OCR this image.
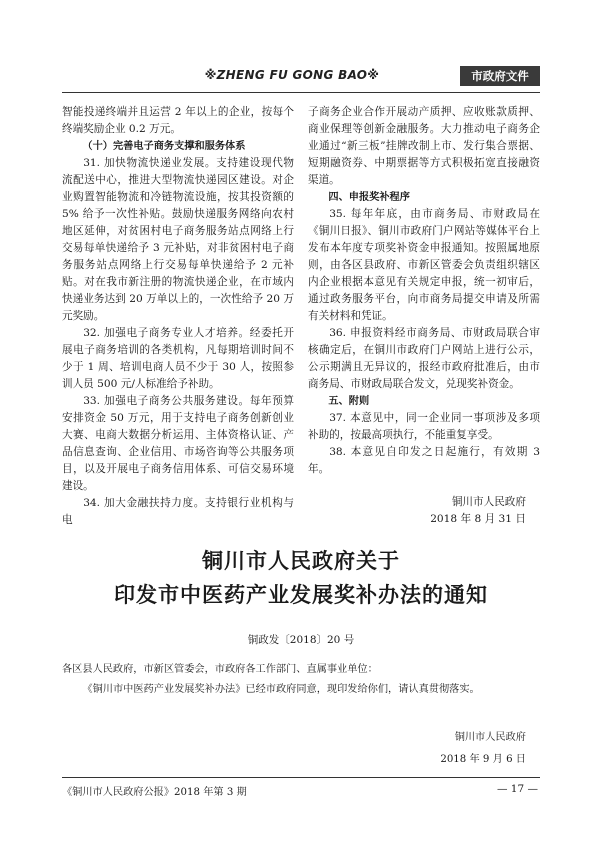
※ZHENG FU GONG BAO※	市政府文件

智能投递终端并且运营 2 年以上的企业，按每个终端奖励企业 0.2 万元。

（十）完善电子商务支撑和服务体系

31. 加快物流快递业发展。支持建设现代物流配送中心，推进大型物流快递园区建设。对企业购置智能物流和冷链物流设施，按其投资额的 5% 给予一次性补贴。鼓励快递服务网络向农村地区延伸，对贫困村电子商务服务站点网络上行交易每单快递给予 3 元补贴，对非贫困村电子商务服务站点网络上行交易每单快递给予 2 元补贴。对在我市新注册的物流快递企业，在市域内快递业务达到 20 万单以上的，一次性给予 20 万元奖励。

32. 加强电子商务专业人才培养。经委托开展电子商务培训的各类机构，凡每期培训时间不少于 1 周、培训电商人员不少于 30 人，按照参训人员 500 元/人标准给予补助。

33. 加强电子商务公共服务建设。每年预算安排资金 50 万元，用于支持电子商务创新创业大赛、电商大数据分析运用、主体资格认证、产品信息查询、企业信用、市场咨询等公共服务项目，以及开展电子商务信用体系、可信交易环境建设。

34. 加大金融扶持力度。支持银行业机构与电

子商务企业合作开展动产质押、应收账款质押、商业保理等创新金融服务。大力推动电子商务企业通过“新三板”挂牌改制上市、发行集合票据、短期融资券、中期票据等方式积极拓宽直接融资渠道。

四、申报奖补程序

35. 每年年底，由市商务局、市财政局在《铜川日报》、铜川市政府门户网站等媒体平台上发布本年度专项奖补资金申报通知。按照属地原则，由各区县政府、市新区管委会负责组织辖区内企业根据本意见有关规定申报，统一初审后，通过政务服务平台，向市商务局提交申请及所需有关材料和凭证。

36. 申报资料经市商务局、市财政局联合审核确定后，在铜川市政府门户网站上进行公示，公示期满且无异议的，报经市政府批准后，由市商务局、市财政局联合发文，兑现奖补资金。

五、附则

37. 本意见中，同一企业同一事项涉及多项补助的，按最高项执行，不能重复享受。

38. 本意见自印发之日起施行，有效期 3 年。

铜川市人民政府

2018 年 8 月 31 日

铜川市人民政府关于
印发市中医药产业发展奖补办法的通知
铜政发〔2018〕20 号

各区县人民政府，市新区管委会，市政府各工作部门、直属事业单位：

《铜川市中医药产业发展奖补办法》已经市政府同意，现印发给你们，请认真贯彻落实。

铜川市人民政府
2018 年 9 月 6 日
《铜川市人民政府公报》2018 年第 3 期	— 17 —
